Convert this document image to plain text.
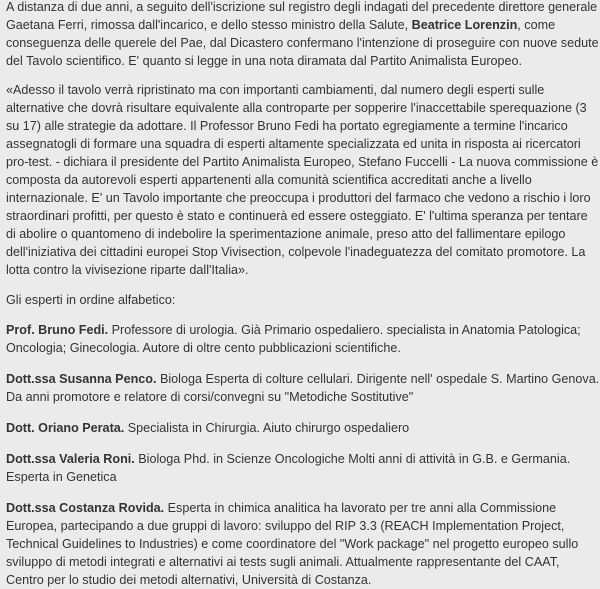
A distanza di due anni, a seguito dell'iscrizione sul registro degli indagati del precedente direttore generale Gaetana Ferri, rimossa dall'incarico, e dello stesso ministro della Salute, Beatrice Lorenzin, come conseguenza delle querele del Pae, dal Dicastero confermano l'intenzione di proseguire con nuove sedute del Tavolo scientifico. E' quanto si legge in una nota diramata dal Partito Animalista Europeo.

«Adesso il tavolo verrà ripristinato ma con importanti cambiamenti, dal numero degli esperti sulle alternative che dovrà risultare equivalente alla controparte per sopperire l'inaccettabile sperequazione (3 su 17) alle strategie da adottare. Il Professor Bruno Fedi ha portato egregiamente a termine l'incarico assegnatogli di formare una squadra di esperti altamente specializzata ed unita in risposta ai ricercatori pro-test. - dichiara il presidente del Partito Animalista Europeo, Stefano Fuccelli - La nuova commissione è composta da autorevoli esperti appartenenti alla comunità scientifica accreditati anche a livello internazionale. E' un Tavolo importante che preoccupa i produttori del farmaco che vedono a rischio i loro straordinari profitti, per questo è stato e continuerà ed essere osteggiato. E' l'ultima speranza per tentare di abolire o quantomeno di indebolire la sperimentazione animale, preso atto del fallimentare epilogo dell'iniziativa dei cittadini europei Stop Vivisection, colpevole l'inadeguatezza del comitato promotore. La lotta contro la vivisezione riparte dall'Italia».

Gli esperti in ordine alfabetico:

Prof. Bruno Fedi. Professore di urologia. Già Primario ospedaliero. specialista in Anatomia Patologica; Oncologia; Ginecologia. Autore di oltre cento pubblicazioni scientifiche.

Dott.ssa Susanna Penco. Biologa Esperta di colture cellulari. Dirigente nell' ospedale S. Martino Genova. Da anni promotore e relatore di corsi/convegni su "Metodiche Sostitutive"

Dott. Oriano Perata. Specialista in Chirurgia. Aiuto chirurgo ospedaliero

Dott.ssa Valeria Roni. Biologa Phd. in Scienze Oncologiche Molti anni di attività in G.B. e Germania. Esperta in Genetica

Dott.ssa Costanza Rovida. Esperta in chimica analitica ha lavorato per tre anni alla Commissione Europea, partecipando a due gruppi di lavoro: sviluppo del RIP 3.3 (REACH Implementation Project, Technical Guidelines to Industries) e come coordinatore del "Work package" nel progetto europeo sullo sviluppo di metodi integrati e alternativi ai tests sugli animali. Attualmente rappresentante del CAAT, Centro per lo studio dei metodi alternativi, Università di Costanza.
